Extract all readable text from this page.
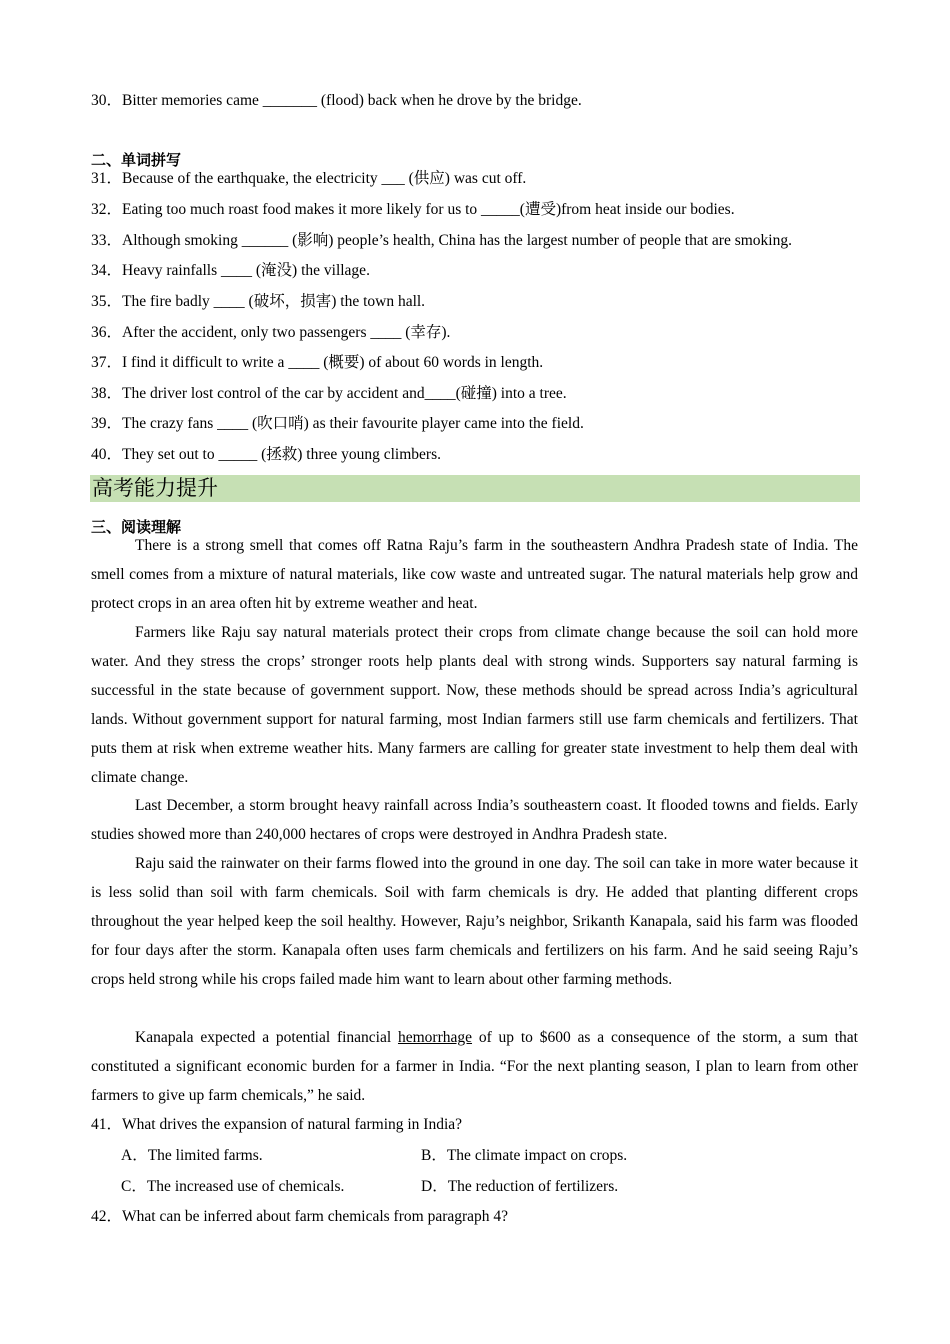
30．Bitter memories came _______ (flood) back when he drove by the bridge.
二、单词拼写
31．Because of the earthquake, the electricity ___ (供应) was cut off.
32．Eating too much roast food makes it more likely for us to _____(遭受)from heat inside our bodies.
33．Although smoking ______ (影响) people’s health, China has the largest number of people that are smoking.
34．Heavy rainfalls ____ (淹没) the village.
35．The fire badly ____ (破坏，损害) the town hall.
36．After the accident, only two passengers ____ (幸存).
37．I find it difficult to write a ____ (概要) of about 60 words in length.
38．The driver lost control of the car by accident and____(碰撞) into a tree.
39．The crazy fans ____ (吹口哨) as their favourite player came into the field.
40．They set out to _____ (拯救) three young climbers.
高考能力提升
三、阅读理解

There is a strong smell that comes off Ratna Raju’s farm in the southeastern Andhra Pradesh state of India. The smell comes from a mixture of natural materials, like cow waste and untreated sugar. The natural materials help grow and protect crops in an area often hit by extreme weather and heat.

Farmers like Raju say natural materials protect their crops from climate change because the soil can hold more water. And they stress the crops’ stronger roots help plants deal with strong winds. Supporters say natural farming is successful in the state because of government support. Now, these methods should be spread across India’s agricultural lands. Without government support for natural farming, most Indian farmers still use farm chemicals and fertilizers. That puts them at risk when extreme weather hits. Many farmers are calling for greater state investment to help them deal with climate change.

Last December, a storm brought heavy rainfall across India’s southeastern coast. It flooded towns and fields. Early studies showed more than 240,000 hectares of crops were destroyed in Andhra Pradesh state.

Raju said the rainwater on their farms flowed into the ground in one day. The soil can take in more water because it is less solid than soil with farm chemicals. Soil with farm chemicals is dry. He added that planting different crops throughout the year helped keep the soil healthy. However, Raju’s neighbor, Srikanth Kanapala, said his farm was flooded for four days after the storm. Kanapala often uses farm chemicals and fertilizers on his farm. And he said seeing Raju’s crops held strong while his crops failed made him want to learn about other farming methods.

Kanapala expected a potential financial hemorrhage of up to $600 as a consequence of the storm, a sum that constituted a significant economic burden for a farmer in India. “For the next planting season, I plan to learn from other farmers to give up farm chemicals,” he said.

41．What drives the expansion of natural farming in India?
A．The limited farms.	B．The climate impact on crops.
C．The increased use of chemicals.	D．The reduction of fertilizers.
42．What can be inferred about farm chemicals from paragraph 4?
